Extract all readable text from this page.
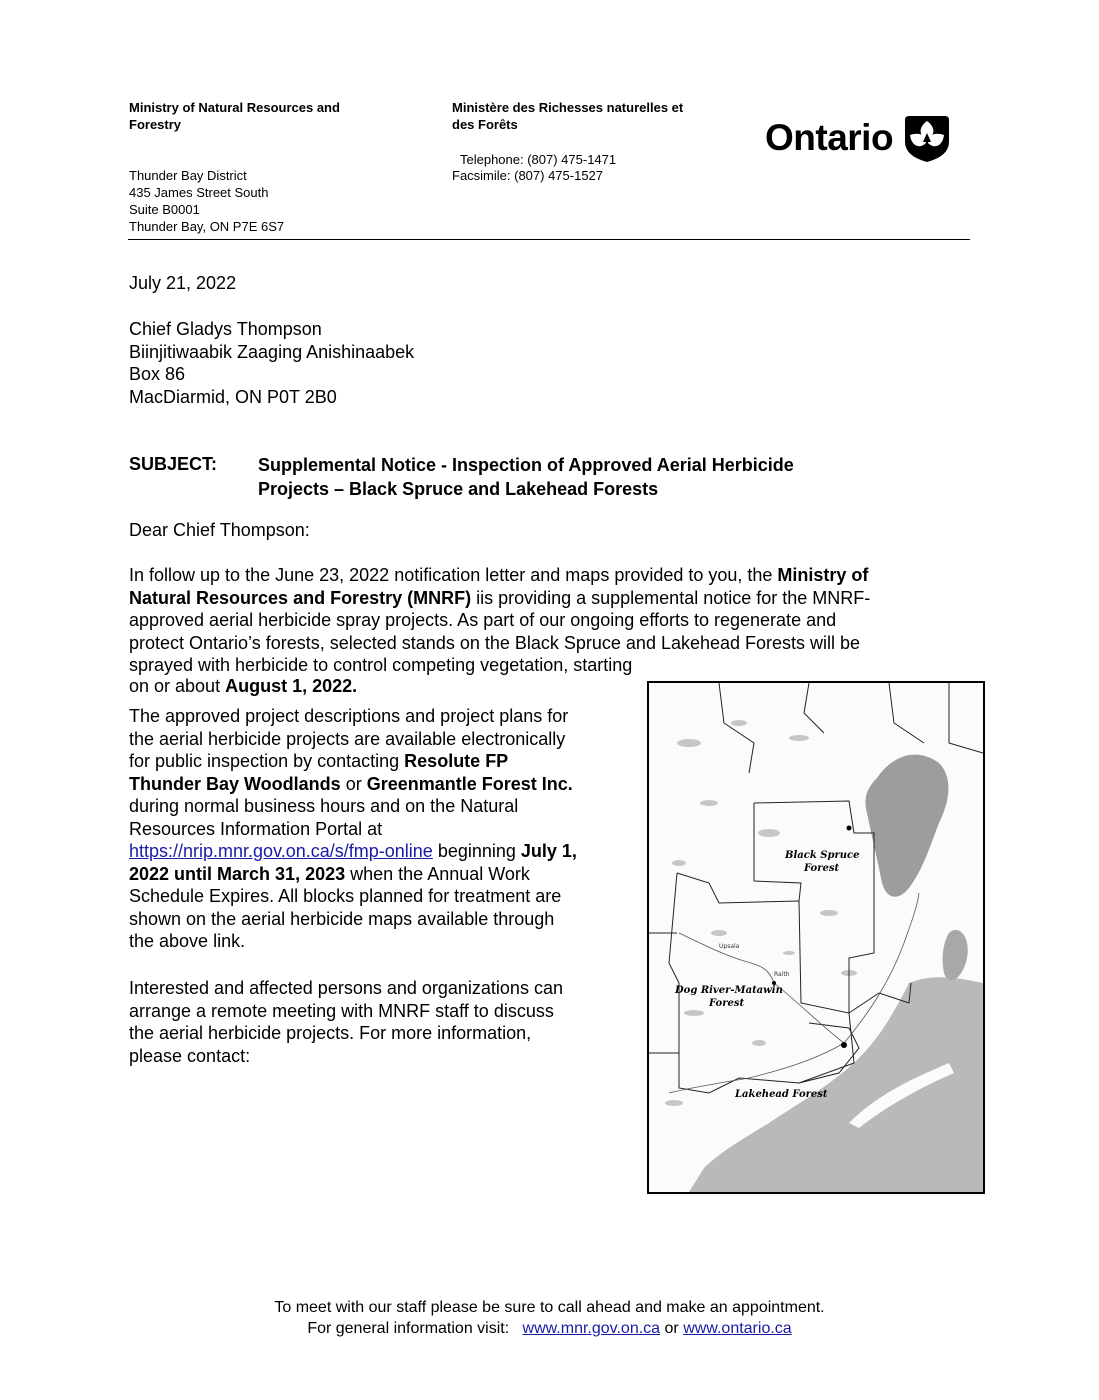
Ministry of Natural Resources and
Forestry
Ministère des Richesses naturelles et
des Forêts
Telephone: (807) 475-1471
Facsimile: (807) 475-1527
Thunder Bay District
435 James Street South
Suite B0001
Thunder Bay, ON P7E 6S7
Ontario
July 21, 2022
Chief Gladys Thompson
Biinjitiwaabik Zaaging Anishinaabek
Box 86
MacDiarmid, ON P0T 2B0
SUBJECT: Supplemental Notice - Inspection of Approved Aerial Herbicide
Projects – Black Spruce and Lakehead Forests
Dear Chief Thompson:
In follow up to the June 23, 2022 notification letter and maps provided to you, the Ministry of
Natural Resources and Forestry (MNRF) iis providing a supplemental notice for the MNRF-
approved aerial herbicide spray projects. As part of our ongoing efforts to regenerate and
protect Ontario’s forests, selected stands on the Black Spruce and Lakehead Forests will be
sprayed with herbicide to control competing vegetation, starting
on or about August 1, 2022.
The approved project descriptions and project plans for
the aerial herbicide projects are available electronically
for public inspection by contacting Resolute FP
Thunder Bay Woodlands or Greenmantle Forest Inc.
during normal business hours and on the Natural
Resources Information Portal at
https://nrip.mnr.gov.on.ca/s/fmp-online beginning July 1,
2022 until March 31, 2023 when the Annual Work
Schedule Expires. All blocks planned for treatment are
shown on the aerial herbicide maps available through
the above link.
Interested and affected persons and organizations can
arrange a remote meeting with MNRF staff to discuss
the aerial herbicide projects. For more information,
please contact:
Upsala
Raith
Black Spruce
Forest
Dog River-Matawin
Forest
Lakehead Forest
To meet with our staff please be sure to call ahead and make an appointment.
For general information visit:   www.mnr.gov.on.ca or www.ontario.ca
